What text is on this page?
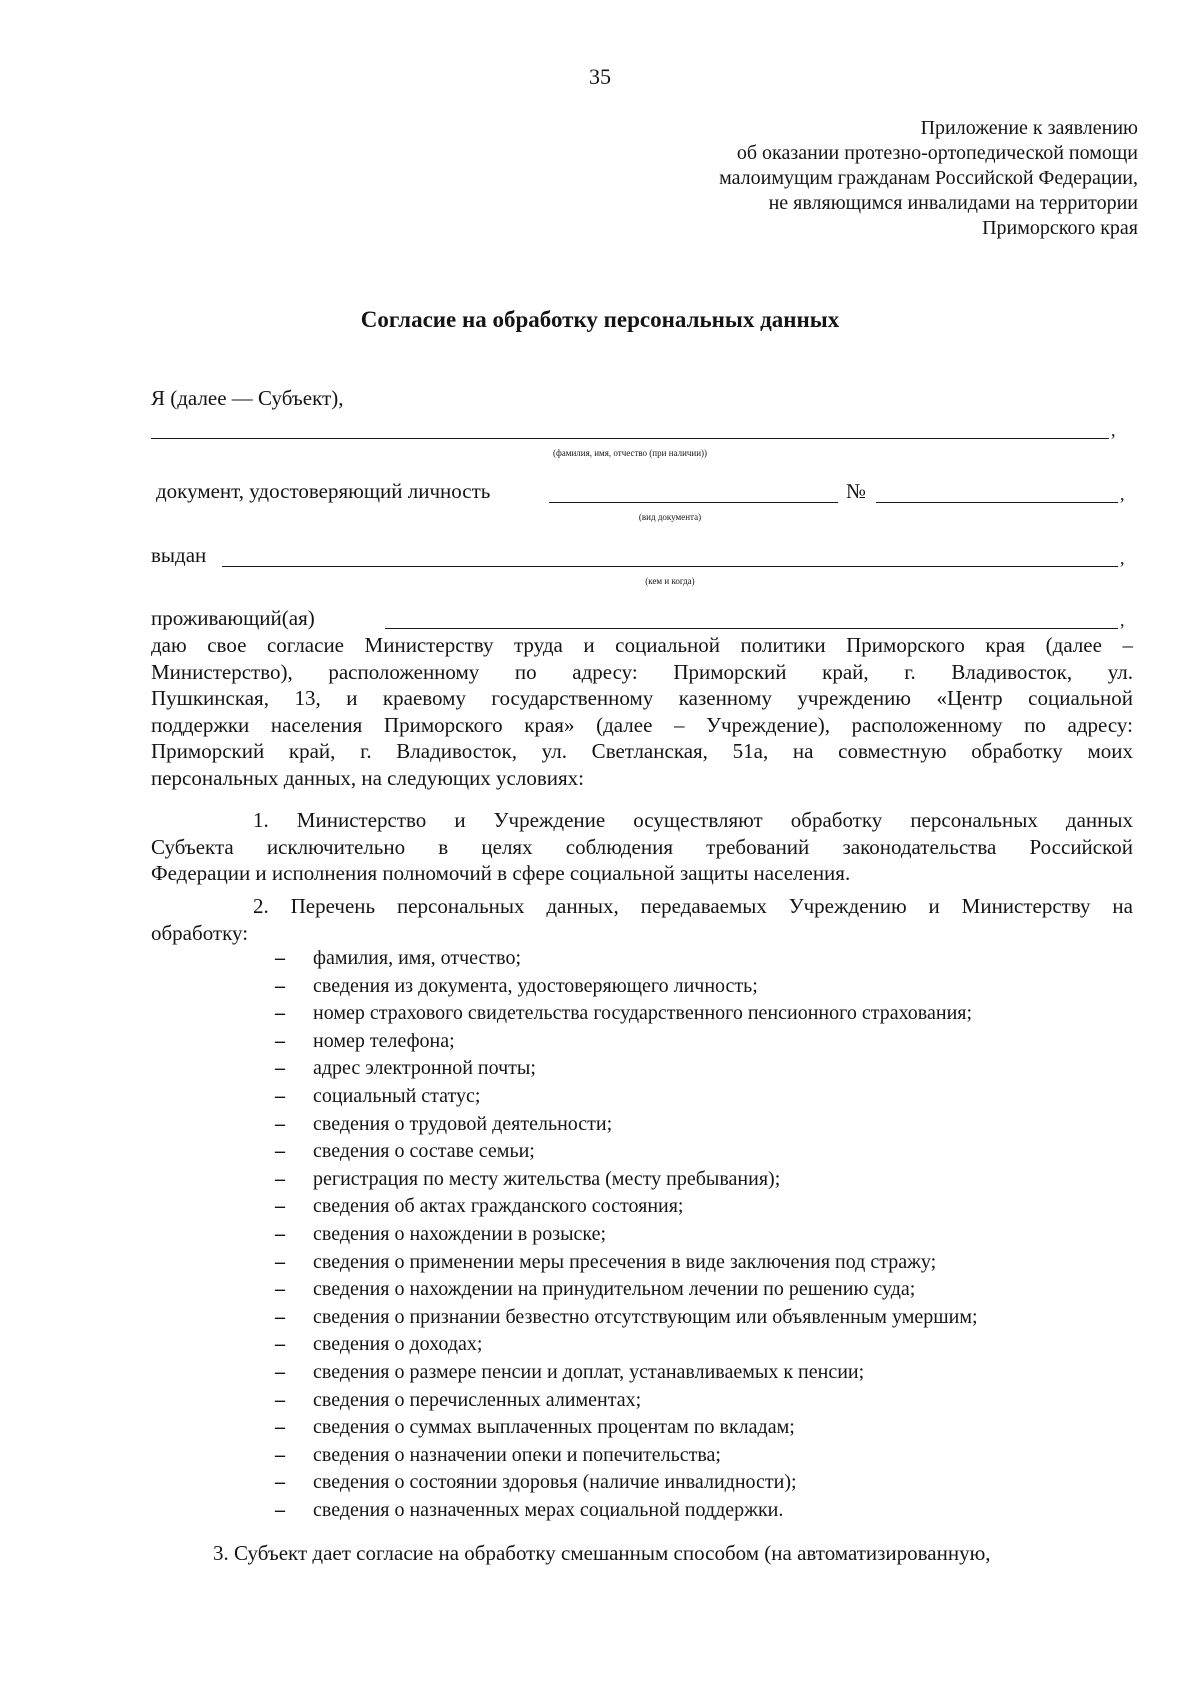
35
Приложение к заявлению
об оказании протезно-ортопедической помощи
малоимущим гражданам Российской Федерации,
не являющимся инвалидами на территории
Приморского края
Согласие на обработку персональных данных
Я (далее — Субъект),
,
(фамилия, имя, отчество (при наличии))
документ, удостоверяющий личность	№	,
(вид документа)
выдан	,
(кем и когда)
проживающий(ая)	,
даю свое согласие Министерству труда и социальной политики Приморского края (далее –
Министерство), расположенному по адресу: Приморский край, г. Владивосток, ул.
Пушкинская, 13, и краевому государственному казенному учреждению «Центр социальной
поддержки населения Приморского края» (далее – Учреждение), расположенному по адресу:
Приморский край, г. Владивосток, ул. Светланская, 51а, на совместную обработку моих
персональных данных, на следующих условиях:
1. Министерство и Учреждение осуществляют обработку персональных данных
Субъекта исключительно в целях соблюдения требований законодательства Российской
Федерации и исполнения полномочий в сфере социальной защиты населения.
2. Перечень персональных данных, передаваемых Учреждению и Министерству на
обработку:
– фамилия, имя, отчество;
– сведения из документа, удостоверяющего личность;
– номер страхового свидетельства государственного пенсионного страхования;
– номер телефона;
– адрес электронной почты;
– социальный статус;
– сведения о трудовой деятельности;
– сведения о составе семьи;
– регистрация по месту жительства (месту пребывания);
– сведения об актах гражданского состояния;
– сведения о нахождении в розыске;
– сведения о применении меры пресечения в виде заключения под стражу;
– сведения о нахождении на принудительном лечении по решению суда;
– сведения о признании безвестно отсутствующим или объявленным умершим;
– сведения о доходах;
– сведения о размере пенсии и доплат, устанавливаемых к пенсии;
– сведения о перечисленных алиментах;
– сведения о суммах выплаченных процентам по вкладам;
– сведения о назначении опеки и попечительства;
– сведения о состоянии здоровья (наличие инвалидности);
– сведения о назначенных мерах социальной поддержки.
3. Субъект дает согласие на обработку смешанным способом (на автоматизированную,
